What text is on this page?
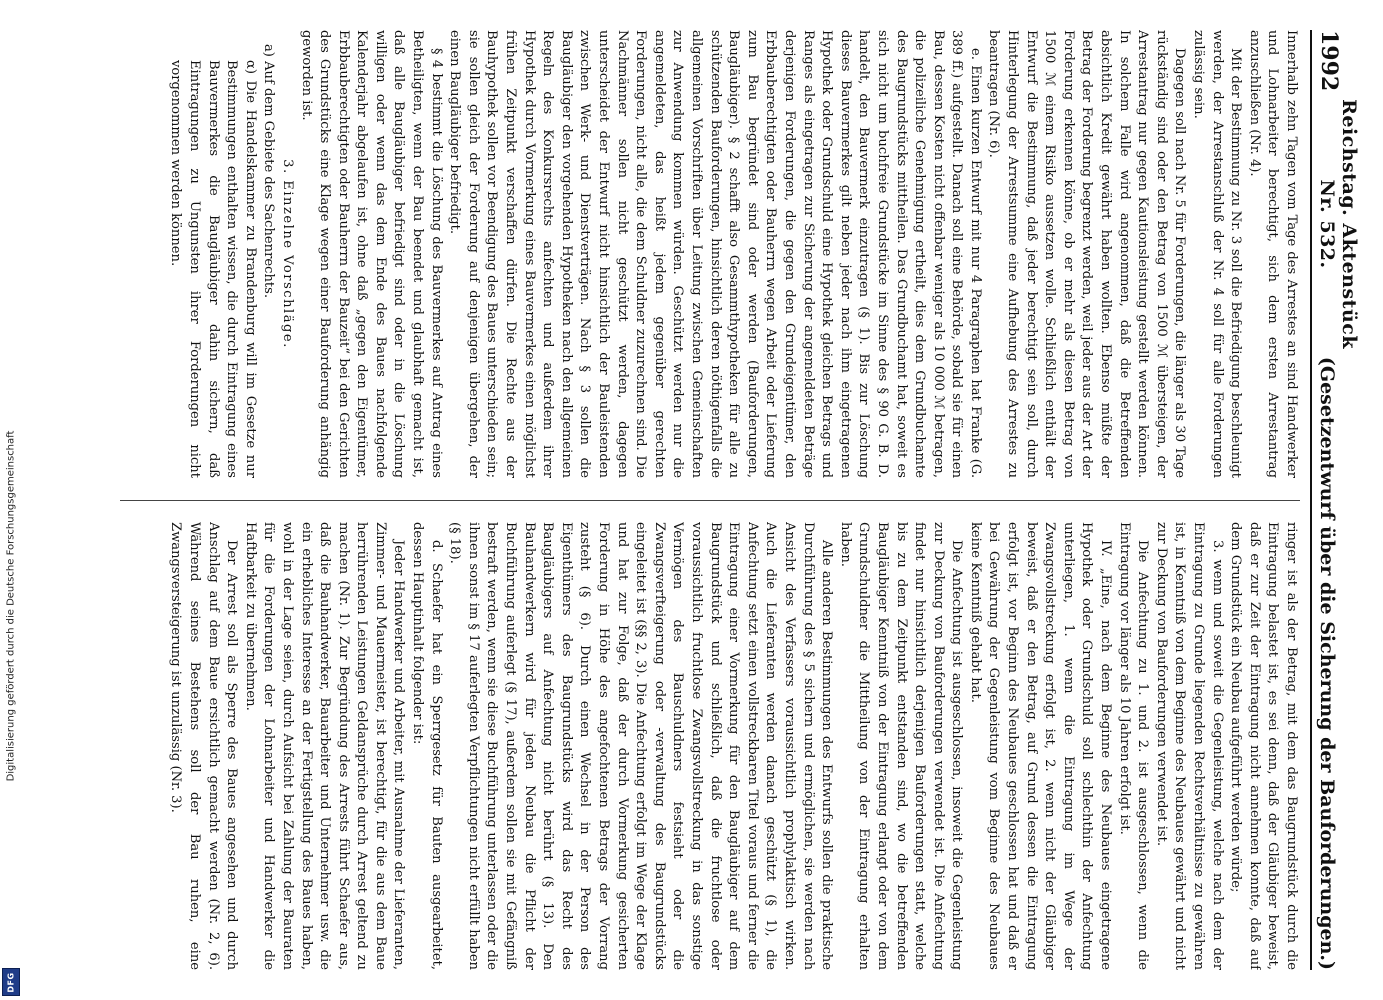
Digitalisierung gefördert durch die Deutsche Forschungsgemeinschaft
DFG
1992
Reichstag. Aktenstück Nr. 532.
(Gesetzentwurf über die Sicherung der Bauforderungen.)

Innerhalb zehn Tagen vom Tage des Arrestes an sind Handwerker und Lohnarbeiter berechtigt, sich dem ersten Arrestantrag anzuschließen (Nr. 4).

Mit der Bestimmung zu Nr. 3 soll die Befriedigung beschleunigt werden, der Arrestanschluß der Nr. 4 soll für alle Forderungen zulässig sein.

Dagegen soll nach Nr. 5 für Forderungen, die länger als 30 Tage rückständig sind oder den Betrag von 1500 ℳ übersteigen, der Arrestantrag nur gegen Kautionsleistung gestellt werden können. In solchem Falle wird angenommen, daß die Betreffenden absichtlich Kredit gewährt haben wollten. Ebenso müßte der Betrag der Forderung begrenzt werden, weil jeder aus der Art der Forderung erkennen könne, ob er mehr als diesen Betrag von 1500 ℳ einem Risiko aussetzen wolle. Schließlich enthält der Entwurf die Bestimmung, daß jeder berechtigt sein soll, durch Hinterlegung der Arrestsumme eine Aufhebung des Arrestes zu beantragen (Nr. 6).

e. Einen kurzen Entwurf mit nur 4 Paragraphen hat Franke (G. 389 ff.) aufgestellt. Danach soll eine Behörde, sobald sie für einen Bau, dessen Kosten nicht offenbar weniger als 10 000 ℳ betragen, die polizeiliche Genehmigung ertheilt, dies dem Grundbuchamte des Baugrundstücks mittheilen. Das Grundbuchamt hat, soweit es sich nicht um buchfreie Grundstücke im Sinne des § 90 G. B. D. handelt, den Bauvermerk einzutragen (§ 1). Bis zur Löschung dieses Bauvermerkes gilt neben jeder nach ihm eingetragenen Hypothek oder Grundschuld eine Hypothek gleichen Betrags und Ranges als eingetragen zur Sicherung der angemeldeten Beträge derjenigen Forderungen, die gegen den Grundeigentümer, den Erbbauberechtigten oder Bauherrn wegen Arbeit oder Lieferung zum Bau begründet sind oder werden (Bauforderungen, Baugläubiger). § 2 schafft also Gesammthypotheken für alle zu schützenden Bauforderungen, hinsichtlich deren nöthigenfalls die allgemeinen Vorschriften über Leitung zwischen Gemeinschaften zur Anwendung kommen würden. Geschützt werden nur die angemeldeten, das heißt jedem gegenüber gerechten Forderungen, nicht alle, die dem Schuldner zuzurechnen sind. Die Nachmänner sollen nicht geschützt werden, dagegen unterscheidet der Entwurf nicht hinsichtlich der Bauleistenden zwischen Werk- und Dienstverträgen. Nach § 3 sollen die Baugläubiger den vorgehenden Hypotheken nach den allgemeinen Regeln des Konkursrechts anfechten und außerdem ihrer Hypothek durch Vormerkung eines Bauvermerkes einen möglichst frühen Zeitpunkt verschaffen dürfen. Die Rechte aus der Bauhypothek sollen vor Beendigung des Baues unterschieden sein; sie sollen gleich der Forderung auf denjenigen übergehen, der einen Baugläubiger befriedigt.

§ 4 bestimmt die Löschung des Bauvermerkes auf Antrag eines Betheiligten, wenn der Bau beendet und glaubhaft gemacht ist, daß alle Baugläubiger befriedigt sind oder in die Löschung willigen oder wenn das dem Ende des Baues nachfolgende Kalenderjahr abgelaufen ist, ohne daß „gegen den Eigentümer, Erbbauberechtigten oder Bauherrn der Bauzeit“ bei den Gerichten des Grundstücks eine Klage wegen einer Bauforderung anhängig geworden ist.

3. Einzelne Vorschläge.

a) Auf dem Gebiete des Sachenrechts.

α) Die Handelskammer zu Brandenburg will im Gesetze nur Bestimmungen enthalten wissen, die durch Eintragung eines Bauvermerkes die Baugläubiger dahin sichern, daß Eintragungen zu Ungunsten ihrer Forderungen nicht vorgenommen werden können.

ringer ist als der Betrag, mit dem das Baugrundstück durch die Eintragung belastet ist, es sei denn, daß der Gläubiger beweist, daß er zur Zeit der Eintragung nicht annehmen konnte, daß auf dem Grundstück ein Neubau aufgeführt werden würde;

3. wenn und soweit die Gegenleistung, welche nach dem der Eintragung zu Grunde liegenden Rechtsverhältnisse zu gewähren ist, in Kenntniß von dem Beginne des Neubaues gewährt und nicht zur Deckung von Bauforderungen verwendet ist.

Die Anfechtung zu 1. und 2. ist ausgeschlossen, wenn die Eintragung vor länger als 10 Jahren erfolgt ist.

IV. „Eine, nach dem Beginne des Neubaues eingetragene Hypothek oder Grundschuld soll schlechthin der Anfechtung unterliegen, 1. wenn die Eintragung im Wege der Zwangsvollstreckung erfolgt ist, 2. wenn nicht der Gläubiger beweist, daß er den Betrag, auf Grund dessen die Eintragung erfolgt ist, vor Beginn des Neubaues geschlossen hat und daß er bei Gewährung der Gegenleistung vom Beginne des Neubaues keine Kenntniß gehabt hat.

Die Anfechtung ist ausgeschlossen, insoweit die Gegenleistung zur Deckung von Bauforderungen verwendet ist. Die Anfechtung findet nur hinsichtlich derjenigen Bauforderungen statt, welche bis zu dem Zeitpunkt entstanden sind, wo die betreffenden Baugläubiger Kenntniß von der Eintragung erlangt oder von dem Grundschuldner die Mittheilung von der Eintragung erhalten haben.

Alle anderen Bestimmungen des Entwurfs sollen die praktische Durchführung des § 5 sichern und ermöglichen, sie werden nach Ansicht des Verfassers voraussichtlich prophylaktisch wirken. Auch die Lieferanten werden danach geschützt (§ 1), die Anfechtung setzt einen vollstreckbaren Titel voraus und ferner die Eintragung einer Vormerkung für den Baugläubiger auf dem Baugrundstück und schließlich, daß die fruchtlose oder voraussichtlich fruchtlose Zwangsvollstreckung in das sonstige Vermögen des Bauschuldners festsieht oder die Zwangsverfteigerung oder -verwaltung des Baugrundstücks eingeleitet ist (§§ 2, 3). Die Anfechtung erfolgt im Wege der Klage und hat zur Folge, daß der durch Vormerkung gesicherten Forderung in Höhe des angefochtenen Betrags der Vorrang zusteht (§ 6). Durch einen Wechsel in der Person des Eigenthümers des Baugrundstücks wird das Recht des Baugläubigers auf Anfechtung nicht berührt (§ 13). Den Bauhandwerkern wird für jeden Neubau die Pflicht der Buchführung auferlegt (§ 17), außerdem sollen sie mit Gefängniß bestraft werden, wenn sie diese Buchführung unterlassen oder die ihnen sonst im § 17 auferlegten Verpflichtungen nicht erfüllt haben (§ 18).

d. Schaefer hat ein Sperrgesetz für Bauten ausgearbeitet, dessen Hauptinhalt folgender ist:

Jeder Handwerker und Arbeiter, mit Ausnahme der Lieferanten, Zimmer- und Mauermeister, ist berechtigt, für die aus dem Baue herrührenden Leistungen Geldansprüche durch Arrest geltend zu machen (Nr. 1). Zur Begründung des Arrests führt Schaefer aus, daß die Bauhandwerker, Bauarbeiter und Unternehmer usw. die ein erhebliches Interesse an der Fertigstellung des Baues haben, wohl in der Lage seien, durch Aufsicht bei Zahlung der Bauraten für die Forderungen der Lohnarbeiter und Handwerker die Haftbarkeit zu übernehmen.

Der Arrest soll als Sperre des Baues angesehen und durch Anschlag auf dem Baue ersichtlich gemacht werden (Nr. 2, 6). Während seines Bestehens soll der Bau ruhen, eine Zwangsversteigerung ist unzulässig (Nr. 3).
